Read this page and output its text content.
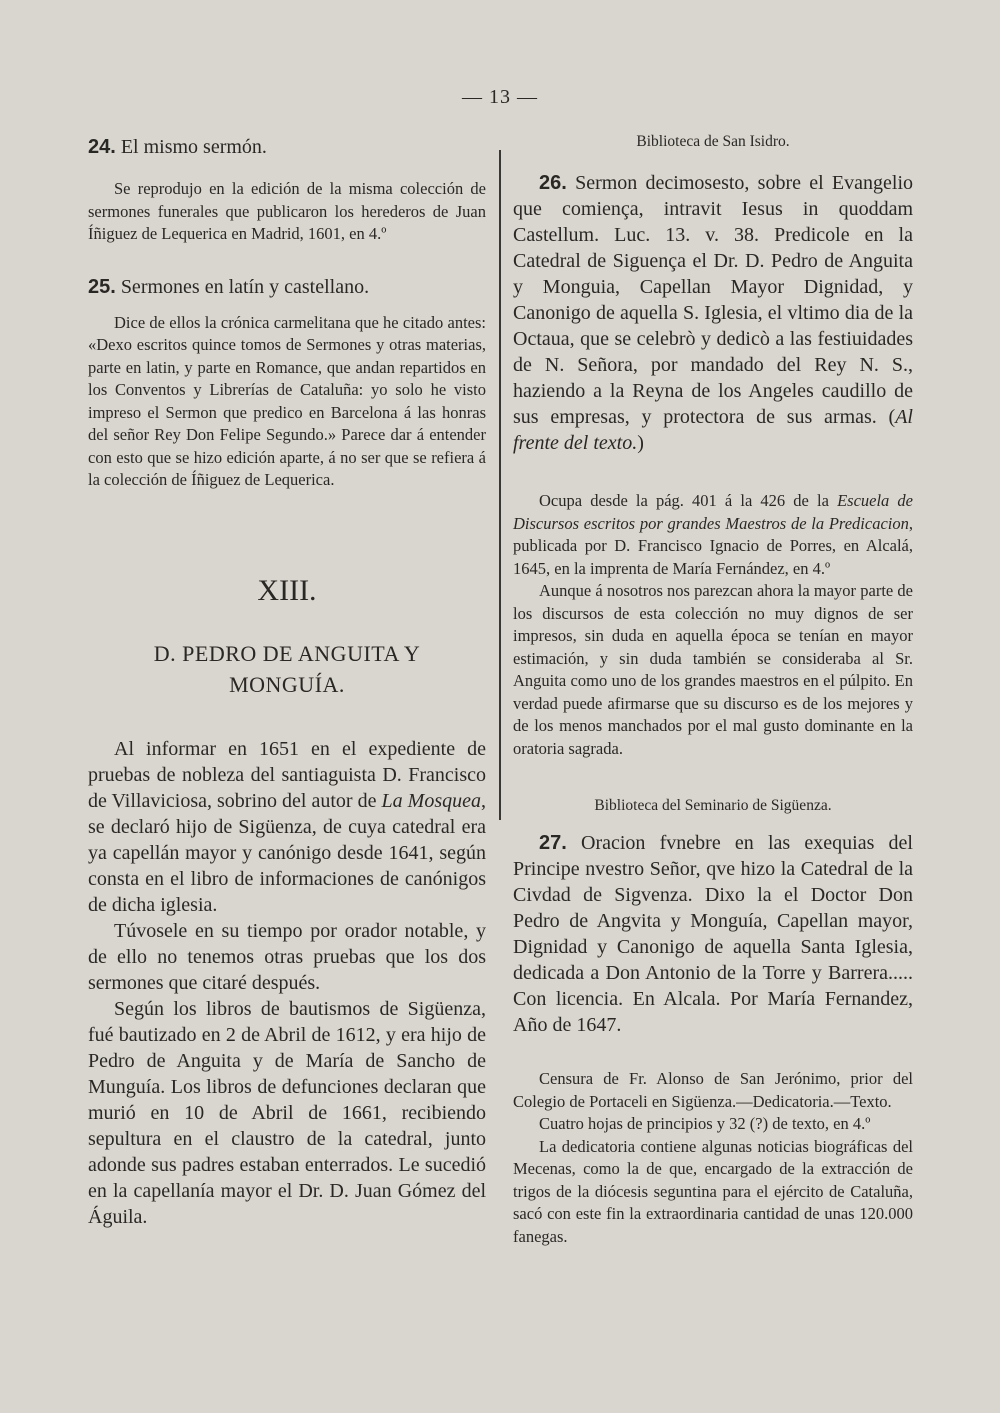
— 13 —

24. El mismo sermón.

Se reprodujo en la edición de la misma colección de sermones funerales que publicaron los herederos de Juan Íñiguez de Lequerica en Madrid, 1601, en 4.º

25. Sermones en latín y castellano.

Dice de ellos la crónica carmelitana que he citado antes: «Dexo escritos quince tomos de Sermones y otras materias, parte en latin, y parte en Romance, que andan repartidos en los Conventos y Librerías de Cataluña: yo solo he visto impreso el Sermon que predico en Barcelona á las honras del señor Rey Don Felipe Segundo.» Parece dar á entender con esto que se hizo edición aparte, á no ser que se refiera á la colección de Íñiguez de Lequerica.

XIII.
D. PEDRO DE ANGUITA Y
MONGUÍA.

Al informar en 1651 en el expediente de pruebas de nobleza del santiaguista D. Francisco de Villaviciosa, sobrino del autor de La Mosquea, se declaró hijo de Sigüenza, de cuya catedral era ya capellán mayor y canónigo desde 1641, según consta en el libro de informaciones de canónigos de dicha iglesia.

Túvosele en su tiempo por orador notable, y de ello no tenemos otras pruebas que los dos sermones que citaré después.

Según los libros de bautismos de Sigüenza, fué bautizado en 2 de Abril de 1612, y era hijo de Pedro de Anguita y de María de Sancho de Munguía. Los libros de defunciones declaran que murió en 10 de Abril de 1661, recibiendo sepultura en el claustro de la catedral, junto adonde sus padres estaban enterrados. Le sucedió en la capellanía mayor el Dr. D. Juan Gómez del Águila.

Biblioteca de San Isidro.

26. Sermon decimosesto, sobre el Evangelio que comiença, intravit Iesus in quoddam Castellum. Luc. 13. v. 38. Predicole en la Catedral de Siguença el Dr. D. Pedro de Anguita y Monguia, Capellan Mayor Dignidad, y Canonigo de aquella S. Iglesia, el vltimo dia de la Octaua, que se celebrò y dedicò a las festiuidades de N. Señora, por mandado del Rey N. S., haziendo a la Reyna de los Angeles caudillo de sus empresas, y protectora de sus armas. (Al frente del texto.)

Ocupa desde la pág. 401 á la 426 de la Escuela de Discursos escritos por grandes Maestros de la Predicacion, publicada por D. Francisco Ignacio de Porres, en Alcalá, 1645, en la imprenta de María Fernández, en 4.º

Aunque á nosotros nos parezcan ahora la mayor parte de los discursos de esta colección no muy dignos de ser impresos, sin duda en aquella época se tenían en mayor estimación, y sin duda también se consideraba al Sr. Anguita como uno de los grandes maestros en el púlpito. En verdad puede afirmarse que su discurso es de los mejores y de los menos manchados por el mal gusto dominante en la oratoria sagrada.

Biblioteca del Seminario de Sigüenza.

27. Oracion fvnebre en las exequias del Principe nvestro Señor, qve hizo la Catedral de la Civdad de Sigvenza. Dixo la el Doctor Don Pedro de Angvita y Monguía, Capellan mayor, Dignidad y Canonigo de aquella Santa Iglesia, dedicada a Don Antonio de la Torre y Barrera..... Con licencia. En Alcala. Por María Fernandez, Año de 1647.

Censura de Fr. Alonso de San Jerónimo, prior del Colegio de Portaceli en Sigüenza.—Dedicatoria.—Texto.

Cuatro hojas de principios y 32 (?) de texto, en 4.º

La dedicatoria contiene algunas noticias biográficas del Mecenas, como la de que, encargado de la extracción de trigos de la diócesis seguntina para el ejército de Cataluña, sacó con este fin la extraordinaria cantidad de unas 120.000 fanegas.
